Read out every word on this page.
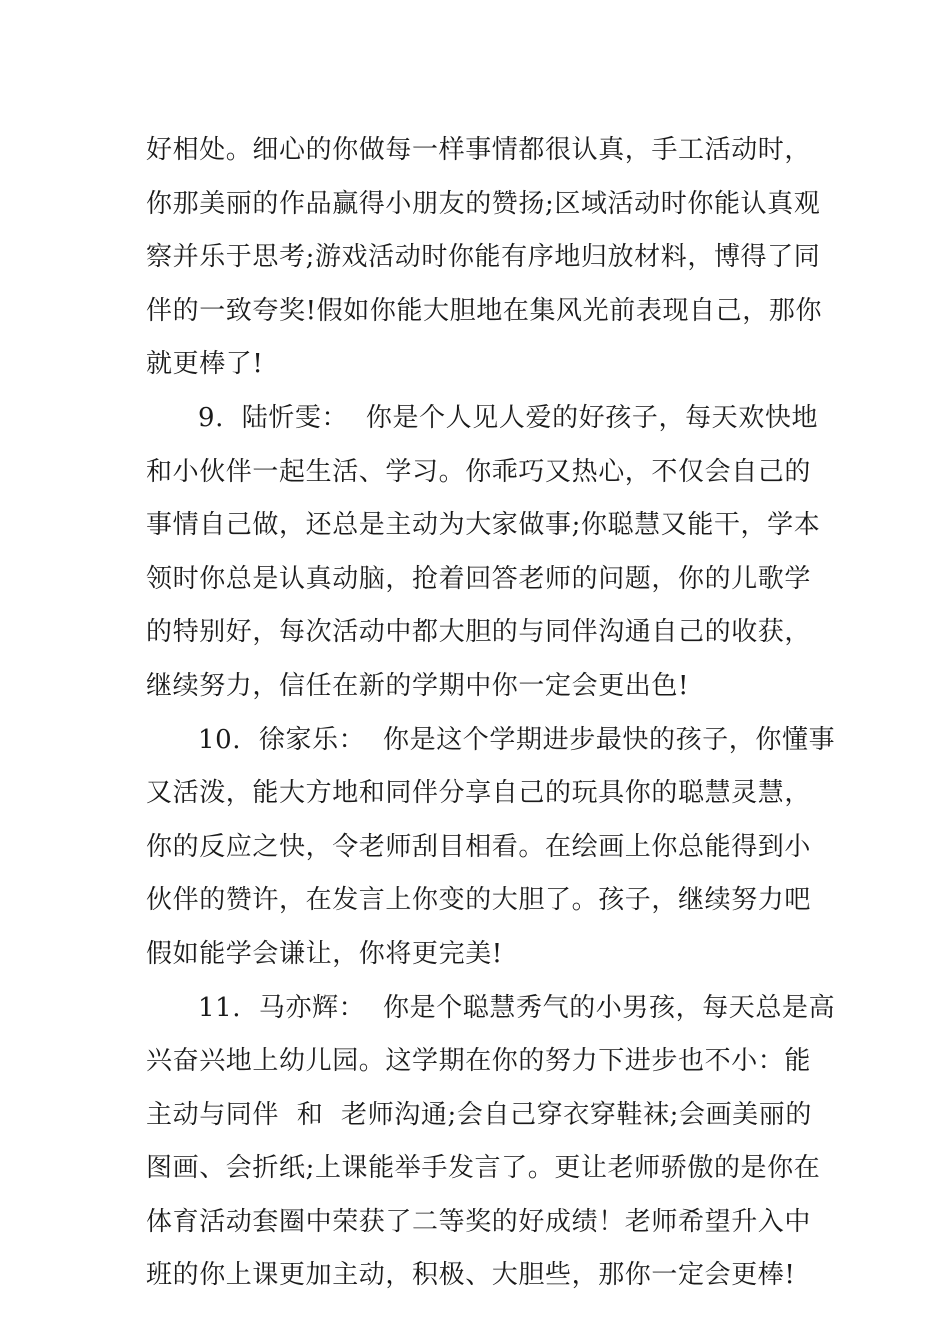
好相处。细心的你做每一样事情都很认真，手工活动时，
你那美丽的作品赢得小朋友的赞扬;区域活动时你能认真观
察并乐于思考;游戏活动时你能有序地归放材料，博得了同
伴的一致夸奖!假如你能大胆地在集风光前表现自己，那你
就更棒了!
9.  陆忻雯：  你是个人见人爱的好孩子，每天欢快地
和小伙伴一起生活、学习。你乖巧又热心，不仅会自己的
事情自己做，还总是主动为大家做事;你聪慧又能干，学本
领时你总是认真动脑，抢着回答老师的问题，你的儿歌学
的特别好，每次活动中都大胆的与同伴沟通自己的收获，
继续努力，信任在新的学期中你一定会更出色!
10.  徐家乐：  你是这个学期进步最快的孩子，你懂事
又活泼，能大方地和同伴分享自己的玩具你的聪慧灵慧，
你的反应之快，令老师刮目相看。在绘画上你总能得到小
伙伴的赞许，在发言上你变的大胆了。孩子，继续努力吧
假如能学会谦让，你将更完美!
11.  马亦辉：  你是个聪慧秀气的小男孩，每天总是高
兴奋兴地上幼儿园。这学期在你的努力下进步也不小：能
主动与同伴  和  老师沟通;会自己穿衣穿鞋袜;会画美丽的
图画、会折纸;上课能举手发言了。更让老师骄傲的是你在
体育活动套圈中荣获了二等奖的好成绩！老师希望升入中
班的你上课更加主动，积极、大胆些，那你一定会更棒!
